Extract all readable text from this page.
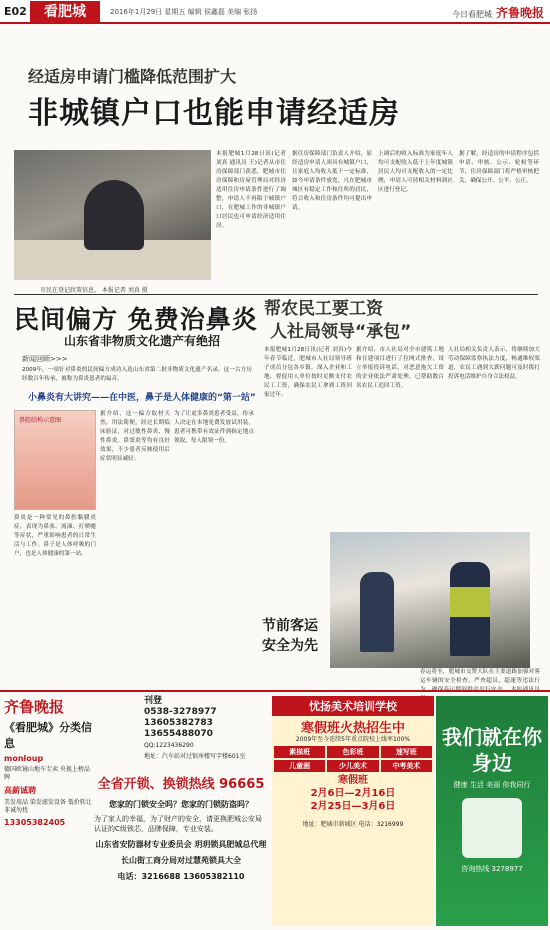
E02	看肥城	2016年1月29日 星期五 编辑 侯鑫磊 美编 张扬	今日看肥城 齐鲁晚报
经适房申请门槛降低范围扩大
非城镇户口也能申请经适房
市民在登记政策信息。 本报记者 刘真 摄
本报肥城1月28日讯(记者 刘真 通讯员 王)记者从市住房保障部门获悉，肥城市住房保障和房屋管理局对经济适用住房申请条件进行了调整，申请人不再限于城镇户口，在肥城工作的非城镇户口居民也可申请经济适用住房。
据住房保障部门负责人介绍，原经适房申请人须具有城镇户口，且家庭人均收入低于一定标准，如今申请条件放宽，凡在肥城市城区有稳定工作和住所的居民，符合收入和住房条件均可提出申请。
上调后的收入标准为家庭年人均可支配收入低于上年度城镇居民人均可支配收入的一定比例，申请人可持相关材料到社区进行登记。
据了解，经适房的申请程序包括申请、审核、公示、轮候等环节，住房保障部门将严格审核把关，确保公开、公平、公正。
民间偏方 免费治鼻炎
山东省非物质文化遗产有绝招
新闻回顾>>>
2009年，一项针对鼻炎的民间偏方成功入选山东省第二批非物质文化遗产名录，这一古方历经数百年传承，被称为鼻炎患者的福音。
小鼻炎有大讲究——在中医，鼻子是人体健康的“第一站”
鼻腔结构示意图
鼻炎是一种常见的鼻腔黏膜炎症，表现为鼻塞、流涕、打喷嚏等症状，严重影响患者的日常生活与工作。鼻子是人体呼吸的门户，也是人体健康的第一站。
据介绍，这一偏方取材天然，用法简便，经过长期临床验证，对过敏性鼻炎、慢性鼻炎、鼻窦炎等均有良好效果，不少患者反映使用后症状明显减轻。
为了让更多鼻炎患者受益，传承人决定在本地免费发放试用装，患者可携带有效证件到指定地点领取，每人限领一份。
帮农民工要工资
人社局领导“承包”
本报肥城1月28日讯(记者 刘真)今年春节临近，肥城市人社局领导班子成员分包各乡镇，深入企业和工地，督促用人单位按时足额支付农民工工资，确保农民工拿到工资回家过年。
据介绍，市人社局对全市建筑工地和在建项目进行了拉网式排查，设立举报投诉电话，对恶意拖欠工资的企业依法严肃处理，已帮助数百名农民工追回工资。
人社局相关负责人表示，将继续加大劳动保障监察执法力度，畅通维权渠道，农民工遇到欠薪问题可及时拨打投诉电话维护自身合法权益。
节前客运
安全为先
春运将至，肥城市交警大队在主要道路加强对客运车辆的安全检查，严查超员、超速等违法行为，确保春运期间群众出行安全。 本报通讯员
齐鲁晚报
《看肥城》分类信息
monloup
德国欧镜山地车专卖 央视上榜品牌
高薪诚聘
美发用品 染发滤发设备 低价转让 非诚勿扰
13305382405
刊登
0538-3278977
13605382783
13655488070
QQ:1223436290
地址：汽车站对过银座楼写字楼601室
全省开锁、换锁热线 96665
您家的门锁安全吗？您家的门锁防盗吗？
为了家人的幸福，为了财产的安全，请更换肥城公安局认证的C级锁芯，品牌保障，专业安装。
山东省安防器材专业委员会 玥玥锁具肥城总代理
长山街工商分局对过慧苑锁具大全
电话：3216688 13605382110
忧扬美术培训学校
寒假班火热招生中
2009年至今连续5年重点院校上线率100%
素描班	色彩班	速写班
儿童画	少儿美术	中考美术
寒假班
2月6日—2月16日
2月25日—3月6日
地址：肥城市新城区 电话：3216999
我们就在你身边
健康 生活 美丽 你我同行
咨询热线 3278977
